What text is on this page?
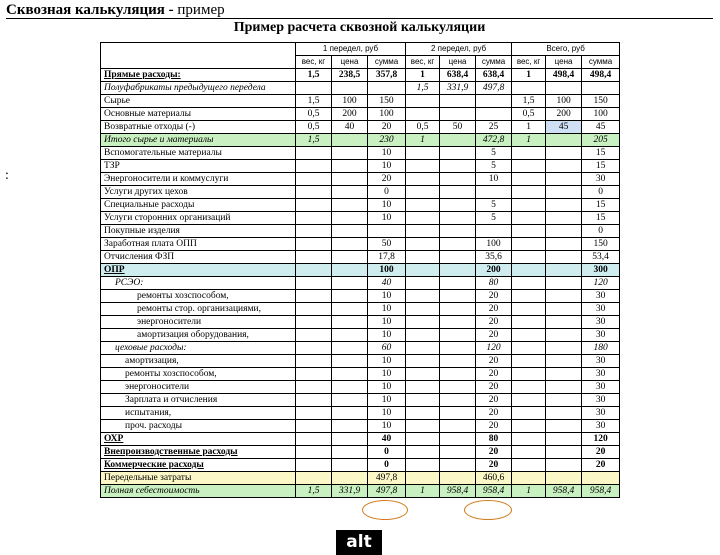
Сквозная калькуляция - пример
Пример расчета сквозной калькуляции
:
	1 передел, руб			2 передел, руб			Всего, руб		
	вес, кг	цена	сумма	вес, кг	цена	сумма	вес, кг	цена	сумма
Прямые расходы:	1,5	238,5	357,8	1	638,4	638,4	1	498,4	498,4
Полуфабрикаты предыдущего передела				1,5	331,9	497,8			
Сырье	1,5	100	150				1,5	100	150
Основные материалы	0,5	200	100				0,5	200	100
Возвратные отходы (-)	0,5	40	20	0,5	50	25	1	45	45
Итого сырье и материалы	1,5		230	1		472,8	1		205
Вспомогательные материалы			10			5			15
ТЗР			10			5			15
Энергоносители и коммуслуги			20			10			30
Услуги других цехов			0						0
Специальные расходы			10			5			15
Услуги сторонних организаций			10			5			15
Покупные изделия									0
Заработная плата ОПП			50			100			150
Отчисления ФЗП			17,8			35,6			53,4
ОПР			100			200			300
РСЭО:			40			80			120
ремонты хозспособом,			10			20			30
ремонты стор. организациями,			10			20			30
энергоносители			10			20			30
амортизация оборудования,			10			20			30
цеховые расходы:			60			120			180
амортизация,			10			20			30
ремонты хозспособом,			10			20			30
энергоносители			10			20			30
Зарплата и отчисления			10			20			30
испытания,			10			20			30
проч. расходы			10			20			30
ОХР			40			80			120
Внепроизводственные расходы			0			20			20
Коммерческие расходы			0			20			20
Передельные затраты			497,8			460,6			
Полная себестоимость	1,5	331,9	497,8	1	958,4	958,4	1	958,4	958,4
alt
